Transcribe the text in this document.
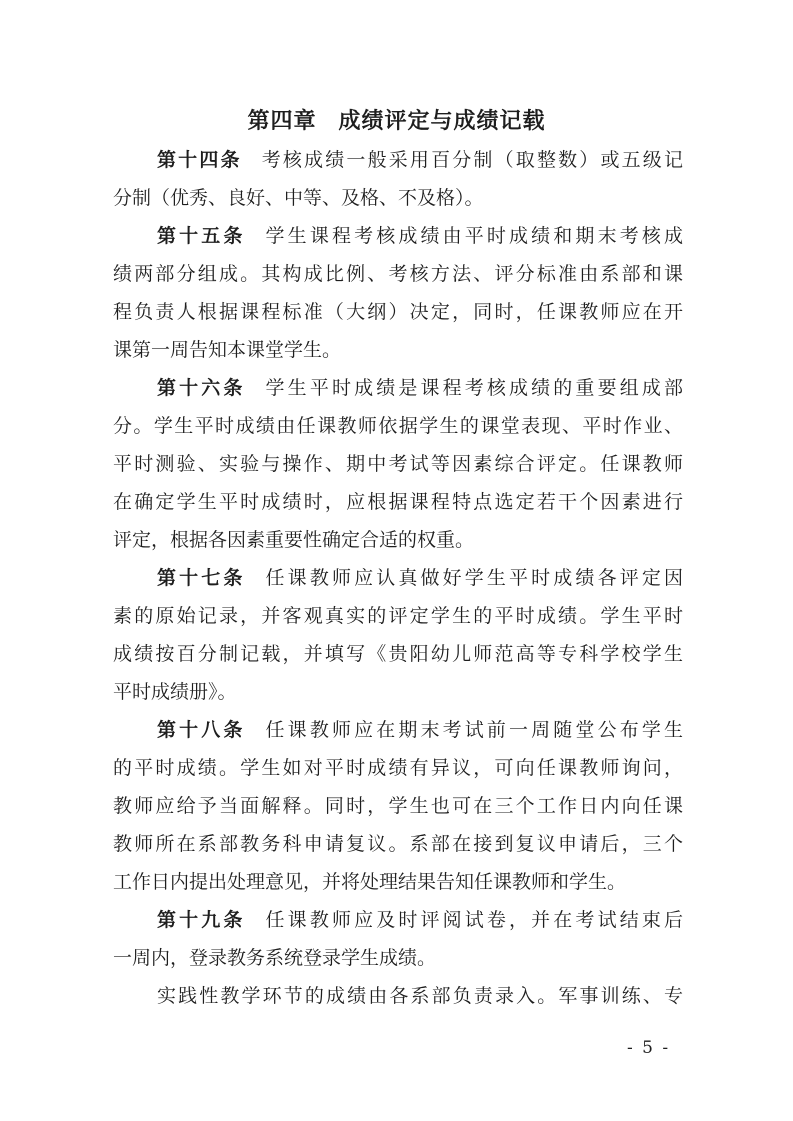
第四章 成绩评定与成绩记载
第十四条 考核成绩一般采用百分制（取整数）或五级记
分制（优秀、良好、中等、及格、不及格）。
第十五条 学生课程考核成绩由平时成绩和期末考核成
绩两部分组成。其构成比例、考核方法、评分标准由系部和课
程负责人根据课程标准（大纲）决定，同时，任课教师应在开
课第一周告知本课堂学生。
第十六条 学生平时成绩是课程考核成绩的重要组成部
分。学生平时成绩由任课教师依据学生的课堂表现、平时作业、
平时测验、实验与操作、期中考试等因素综合评定。任课教师
在确定学生平时成绩时，应根据课程特点选定若干个因素进行
评定，根据各因素重要性确定合适的权重。
第十七条 任课教师应认真做好学生平时成绩各评定因
素的原始记录，并客观真实的评定学生的平时成绩。学生平时
成绩按百分制记载，并填写《贵阳幼儿师范高等专科学校学生
平时成绩册》。
第十八条 任课教师应在期末考试前一周随堂公布学生
的平时成绩。学生如对平时成绩有异议，可向任课教师询问，
教师应给予当面解释。同时，学生也可在三个工作日内向任课
教师所在系部教务科申请复议。系部在接到复议申请后，三个
工作日内提出处理意见，并将处理结果告知任课教师和学生。
第十九条 任课教师应及时评阅试卷，并在考试结束后
一周内，登录教务系统登录学生成绩。
实践性教学环节的成绩由各系部负责录入。军事训练、专
- 5 -
